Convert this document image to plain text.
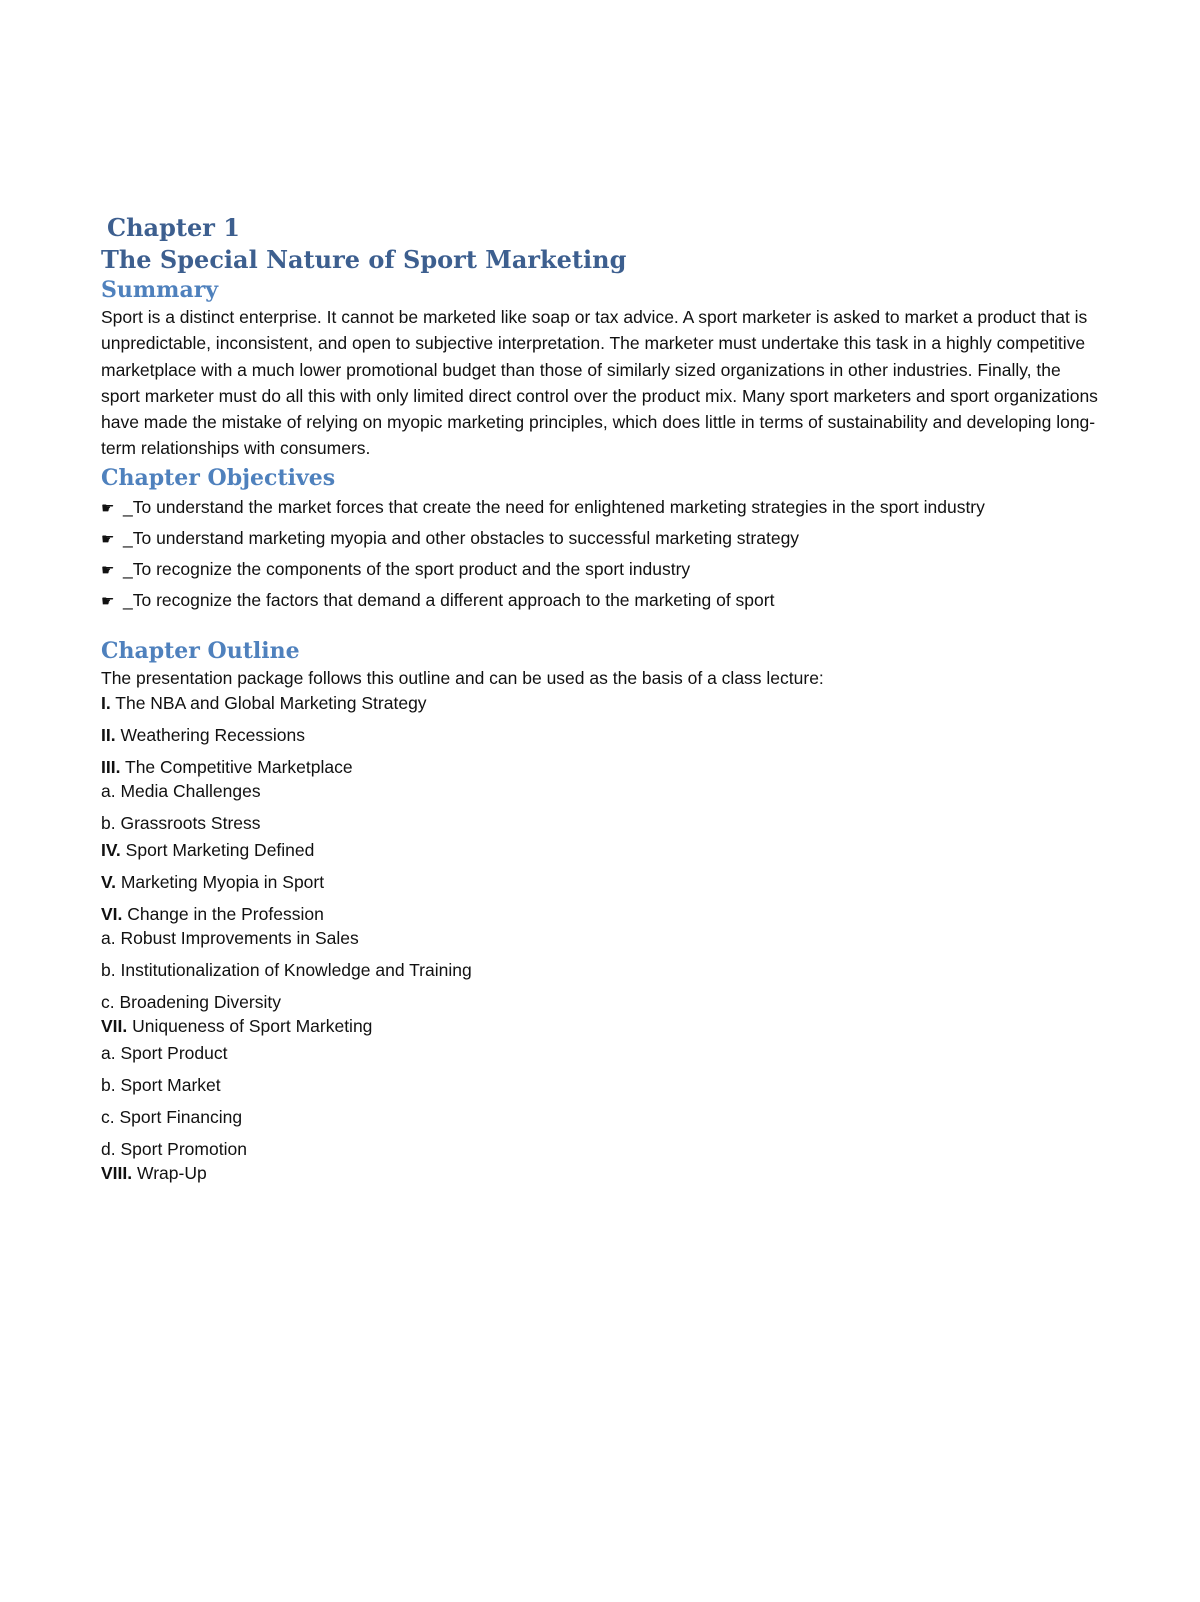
Chapter 1
The Special Nature of Sport Marketing
Summary

Sport is a distinct enterprise. It cannot be marketed like soap or tax advice. A sport marketer is asked to market a product that is unpredictable, inconsistent, and open to subjective interpretation. The marketer must undertake this task in a highly competitive marketplace with a much lower promotional budget than those of similarly sized organizations in other industries. Finally, the sport marketer must do all this with only limited direct control over the product mix. Many sport marketers and sport organizations have made the mistake of relying on myopic marketing principles, which does little in terms of sustainability and developing long-term relationships with consumers.

Chapter Objectives
☛ _To understand the market forces that create the need for enlightened marketing strategies in the sport industry
☛ _To understand marketing myopia and other obstacles to successful marketing strategy
☛ _To recognize the components of the sport product and the sport industry
☛ _To recognize the factors that demand a different approach to the marketing of sport
Chapter Outline

The presentation package follows this outline and can be used as the basis of a class lecture:

I. The NBA and Global Marketing Strategy
II. Weathering Recessions
III. The Competitive Marketplace
a. Media Challenges
b. Grassroots Stress
IV. Sport Marketing Defined
V. Marketing Myopia in Sport
VI. Change in the Profession
a. Robust Improvements in Sales
b. Institutionalization of Knowledge and Training
c. Broadening Diversity
VII. Uniqueness of Sport Marketing
a. Sport Product
b. Sport Market
c. Sport Financing
d. Sport Promotion
VIII. Wrap-Up
